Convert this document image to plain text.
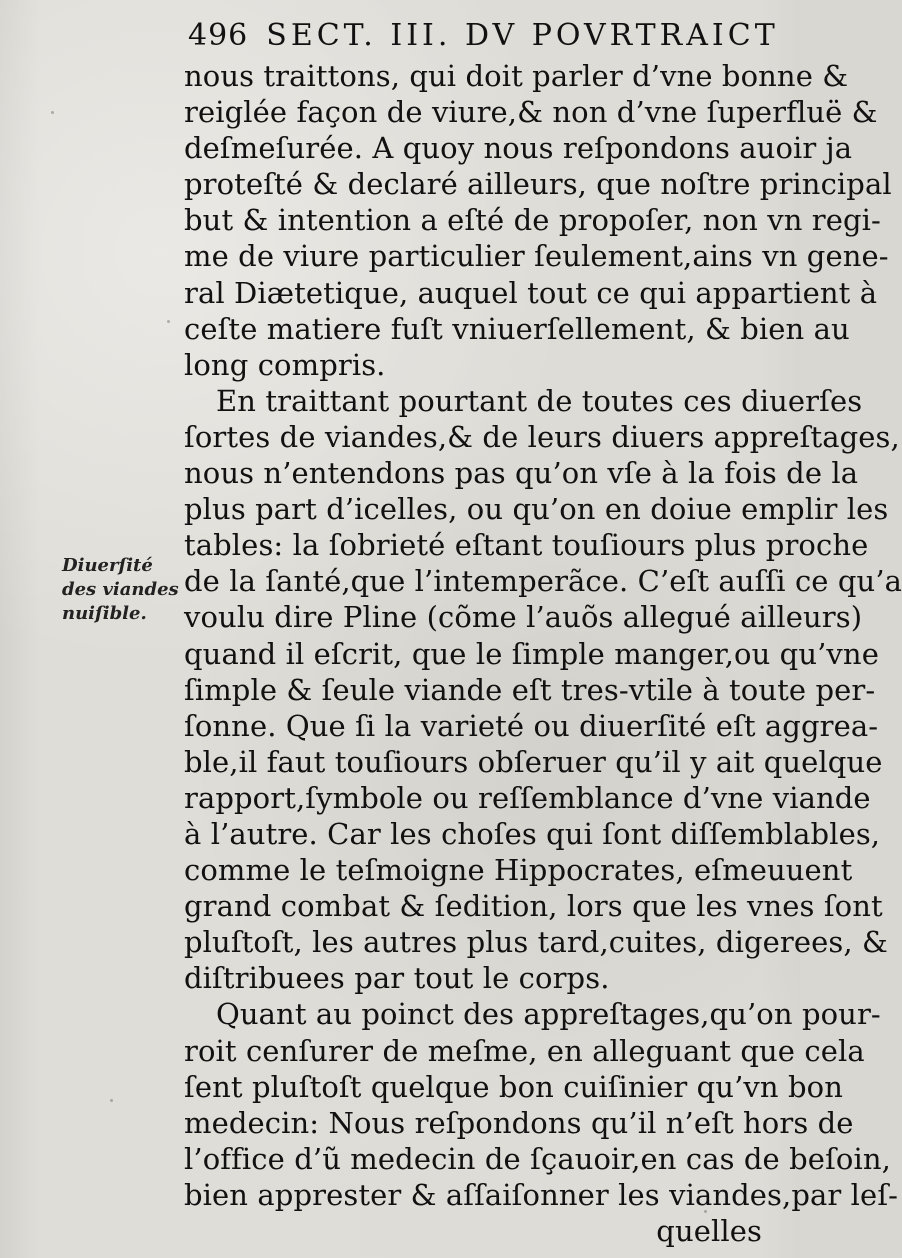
496 SECT. III. DV POVRTRAICT
Diuerſité
des viandes
nuiſible.
nous traittons, qui doit parler d’vne bonne &
reiglée façon de viure,& non d’vne ſuperfluë &
deſmeſurée. A quoy nous reſpondons auoir ja
proteſté & declaré ailleurs, que noſtre principal
but & intention a eſté de propoſer, non vn regi-
me de viure particulier ſeulement,ains vn gene-
ral Diætetique, auquel tout ce qui appartient à
ceſte matiere fuſt vniuerſellement, & bien au
long compris.
En traittant pourtant de toutes ces diuerſes
ſortes de viandes,& de leurs diuers appreſtages,
nous n’entendons pas qu’on vſe à la fois de la
plus part d’icelles, ou qu’on en doiue emplir les
tables: la ſobrieté eſtant touſiours plus proche
de la ſanté,que l’intemperãce. C’eſt auſſi ce qu’a
voulu dire Pline (cõme l’auõs allegué ailleurs)
quand il eſcrit, que le ſimple manger,ou qu’vne
ſimple & ſeule viande eſt tres-vtile à toute per-
ſonne. Que ſi la varieté ou diuerſité eſt aggrea-
ble,il faut touſiours obſeruer qu’il y ait quelque
rapport,ſymbole ou reſſemblance d’vne viande
à l’autre. Car les choſes qui ſont diſſemblables,
comme le teſmoigne Hippocrates, eſmeuuent
grand combat & ſedition, lors que les vnes ſont
pluſtoſt, les autres plus tard,cuites, digerees, &
diſtribuees par tout le corps.
Quant au poinct des appreſtages,qu’on pour-
roit cenſurer de meſme, en alleguant que cela
ſent pluſtoſt quelque bon cuiſinier qu’vn bon
medecin: Nous reſpondons qu’il n’eſt hors de
l’office d’ũ medecin de ſçauoir,en cas de beſoin,
bien apprester & aſſaiſonner les viandes,par leſ-
quelles
